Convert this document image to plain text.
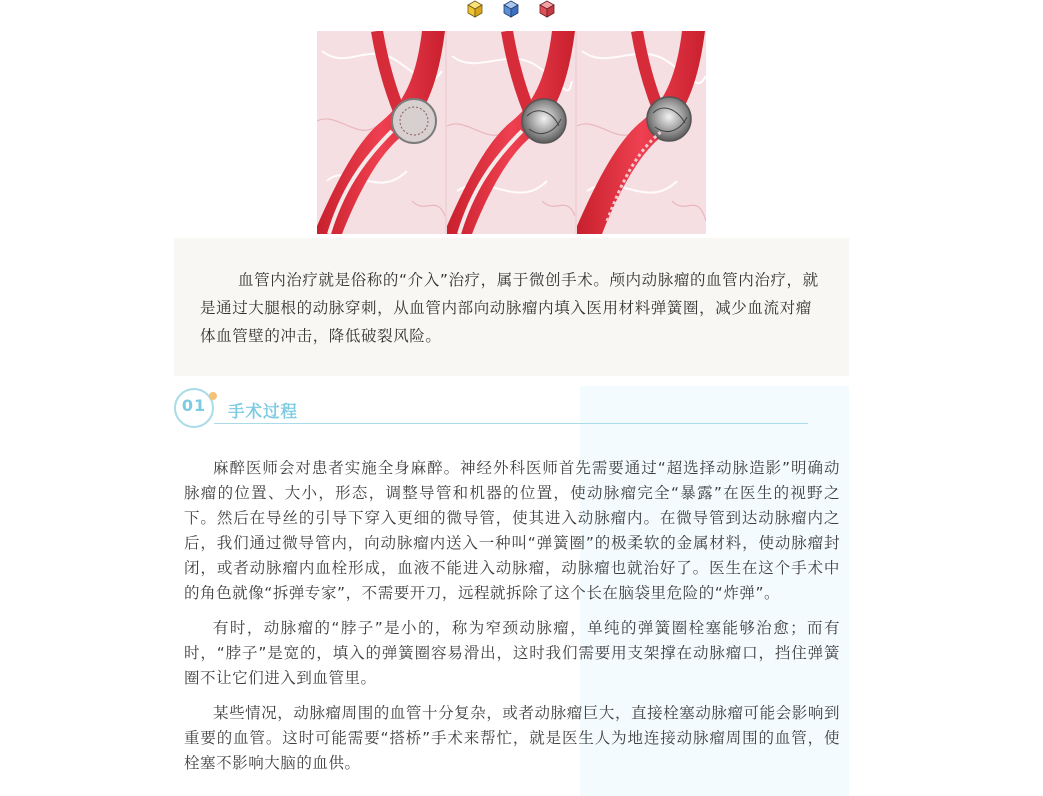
血管内治疗就是俗称的“介入”治疗，属于微创手术。颅内动脉瘤的血管内治疗，就是通过大腿根的动脉穿刺，从血管内部向动脉瘤内填入医用材料弹簧圈，减少血流对瘤体血管壁的冲击，降低破裂风险。

01	手术过程

麻醉医师会对患者实施全身麻醉。神经外科医师首先需要通过“超选择动脉造影”明确动脉瘤的位置、大小，形态，调整导管和机器的位置，使动脉瘤完全“暴露”在医生的视野之下。然后在导丝的引导下穿入更细的微导管，使其进入动脉瘤内。在微导管到达动脉瘤内之后，我们通过微导管内，向动脉瘤内送入一种叫“弹簧圈”的极柔软的金属材料，使动脉瘤封闭，或者动脉瘤内血栓形成，血液不能进入动脉瘤，动脉瘤也就治好了。医生在这个手术中的角色就像“拆弹专家”，不需要开刀，远程就拆除了这个长在脑袋里危险的“炸弹”。

有时，动脉瘤的“脖子”是小的，称为窄颈动脉瘤，单纯的弹簧圈栓塞能够治愈；而有时，“脖子”是宽的，填入的弹簧圈容易滑出，这时我们需要用支架撑在动脉瘤口，挡住弹簧圈不让它们进入到血管里。

某些情况，动脉瘤周围的血管十分复杂，或者动脉瘤巨大，直接栓塞动脉瘤可能会影响到重要的血管。这时可能需要“搭桥”手术来帮忙，就是医生人为地连接动脉瘤周围的血管，使栓塞不影响大脑的血供。
